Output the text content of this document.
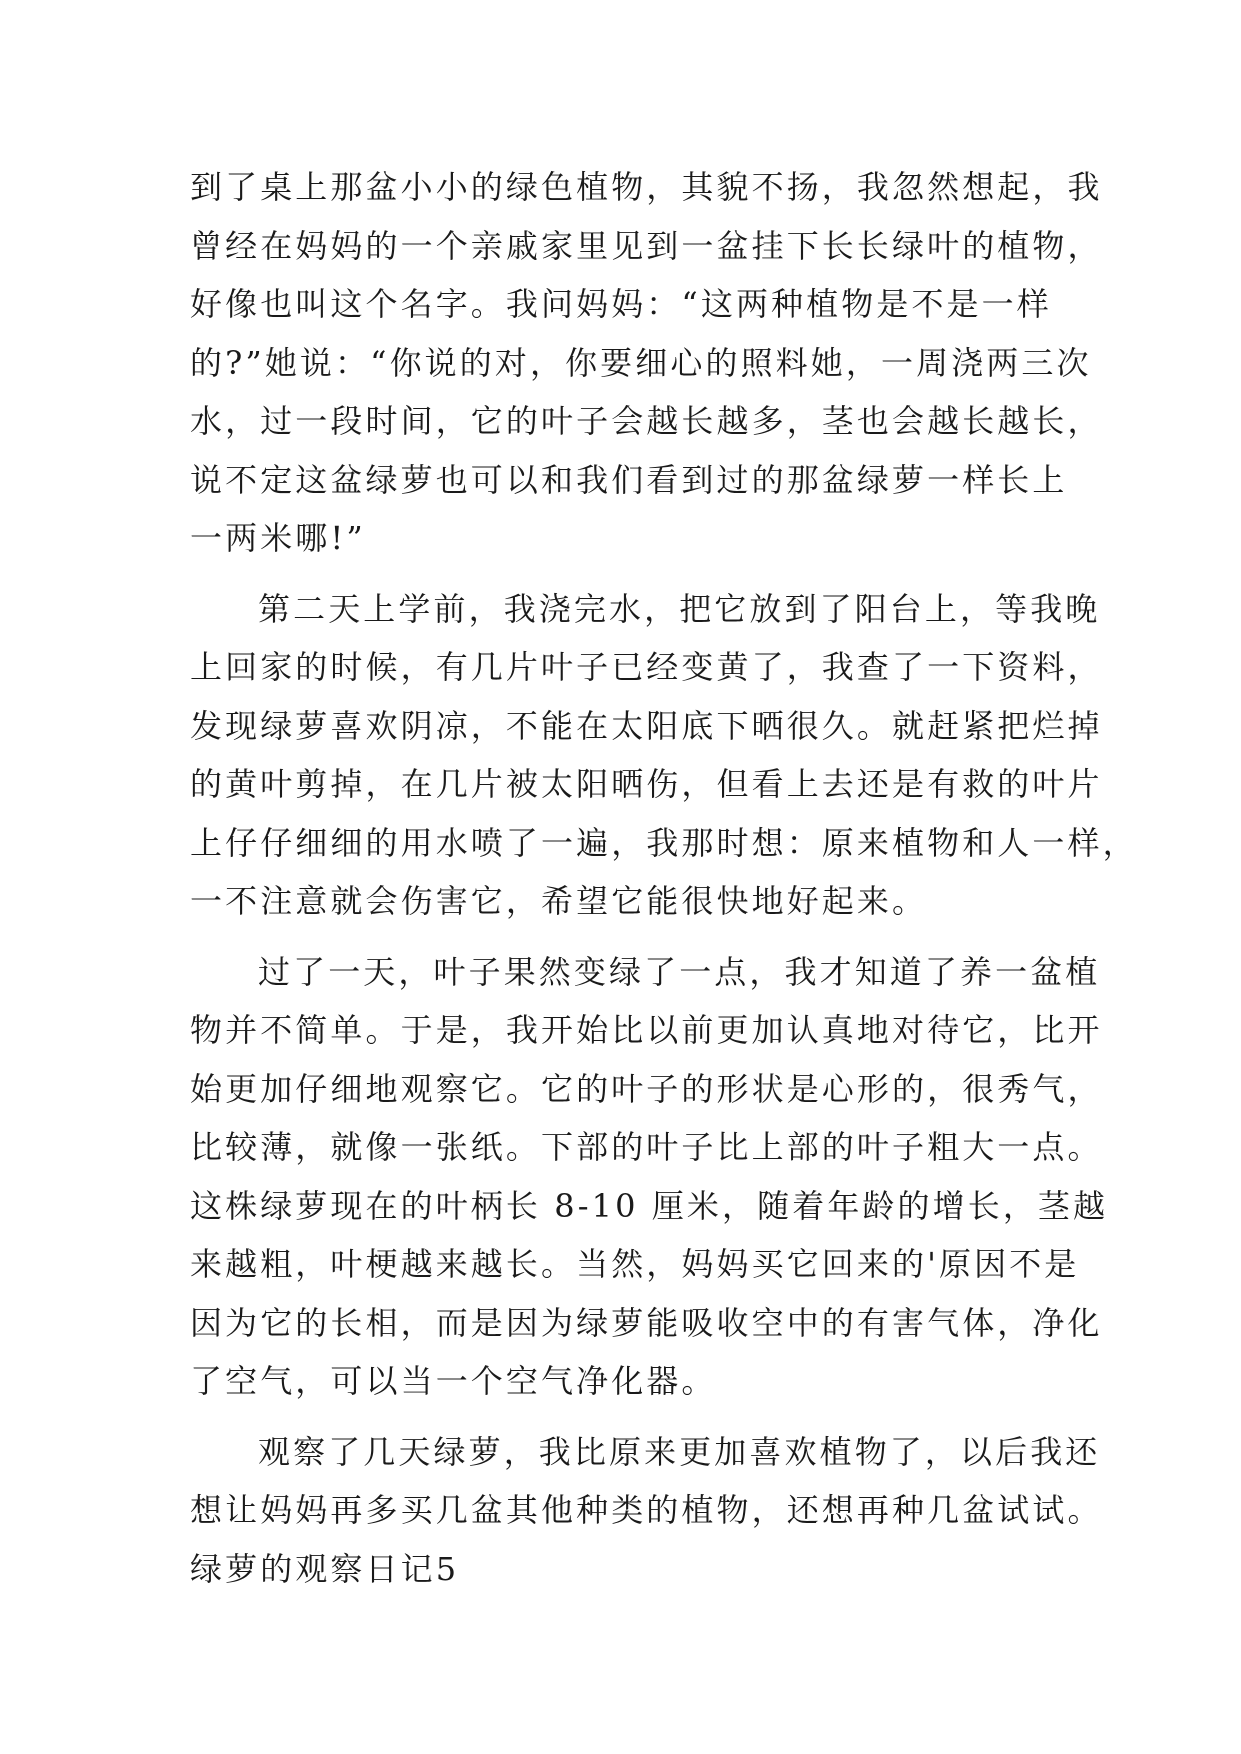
到了桌上那盆小小的绿色植物，其貌不扬，我忽然想起，我
曾经在妈妈的一个亲戚家里见到一盆挂下长长绿叶的植物，
好像也叫这个名字。我问妈妈：“这两种植物是不是一样
的?”她说：“你说的对，你要细心的照料她，一周浇两三次
水，过一段时间，它的叶子会越长越多，茎也会越长越长，
说不定这盆绿萝也可以和我们看到过的那盆绿萝一样长上
一两米哪!”
第二天上学前，我浇完水，把它放到了阳台上，等我晚
上回家的时候，有几片叶子已经变黄了，我查了一下资料，
发现绿萝喜欢阴凉，不能在太阳底下晒很久。就赶紧把烂掉
的黄叶剪掉，在几片被太阳晒伤，但看上去还是有救的叶片
上仔仔细细的用水喷了一遍，我那时想：原来植物和人一样，
一不注意就会伤害它，希望它能很快地好起来。
过了一天，叶子果然变绿了一点，我才知道了养一盆植
物并不简单。于是，我开始比以前更加认真地对待它，比开
始更加仔细地观察它。它的叶子的形状是心形的，很秀气，
比较薄，就像一张纸。下部的叶子比上部的叶子粗大一点。
这株绿萝现在的叶柄长 8-10 厘米，随着年龄的增长，茎越
来越粗，叶梗越来越长。当然，妈妈买它回来的'原因不是
因为它的长相，而是因为绿萝能吸收空中的有害气体，净化
了空气，可以当一个空气净化器。
观察了几天绿萝，我比原来更加喜欢植物了，以后我还
想让妈妈再多买几盆其他种类的植物，还想再种几盆试试。
绿萝的观察日记5
